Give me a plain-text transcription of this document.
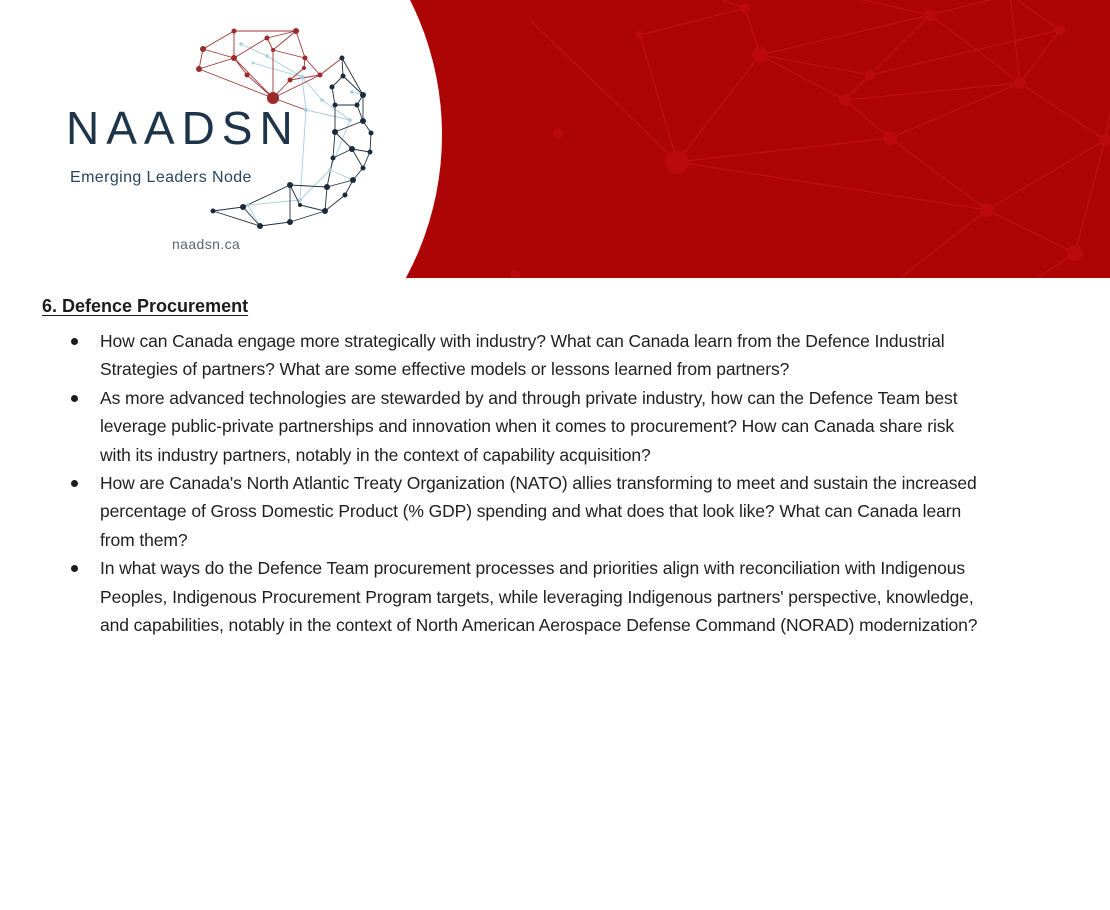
NAADSN
Emerging Leaders Node
naadsn.ca
6. Defence Procurement
How can Canada engage more strategically with industry? What can Canada learn from the Defence Industrial Strategies of partners? What are some effective models or lessons learned from partners?
As more advanced technologies are stewarded by and through private industry, how can the Defence Team best leverage public-private partnerships and innovation when it comes to procurement? How can Canada share risk with its industry partners, notably in the context of capability acquisition?
How are Canada's North Atlantic Treaty Organization (NATO) allies transforming to meet and sustain the increased percentage of Gross Domestic Product (% GDP) spending and what does that look like? What can Canada learn from them?
In what ways do the Defence Team procurement processes and priorities align with reconciliation with Indigenous Peoples, Indigenous Procurement Program targets, while leveraging Indigenous partners' perspective, knowledge, and capabilities, notably in the context of North American Aerospace Defense Command (NORAD) modernization?
